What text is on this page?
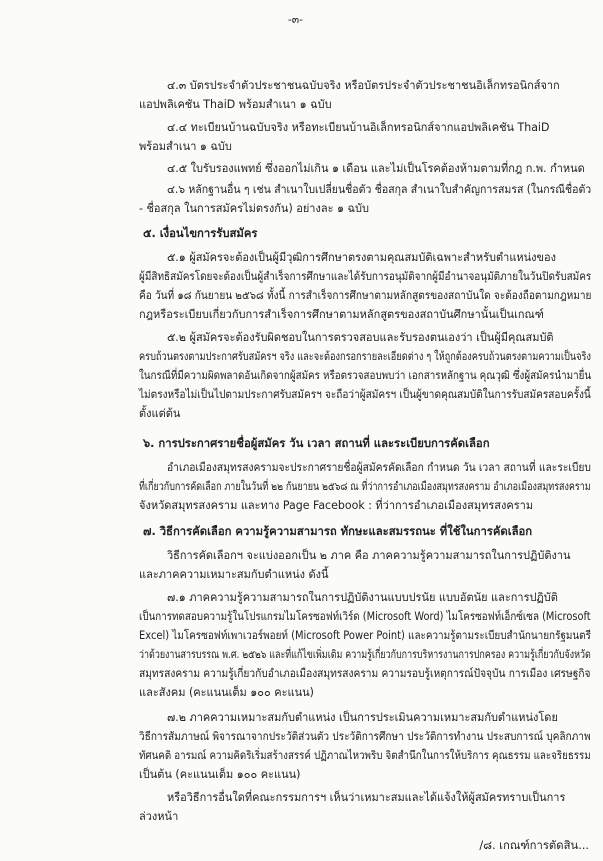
-๓-

๔.๓ บัตรประจำตัวประชาชนฉบับจริง หรือบัตรประจำตัวประชาชนอิเล็กทรอนิกส์จาก

แอปพลิเคชัน ThaiD พร้อมสำเนา ๑ ฉบับ

๔.๔ ทะเบียนบ้านฉบับจริง หรือทะเบียนบ้านอิเล็กทรอนิกส์จากแอปพลิเคชัน ThaiD

พร้อมสำเนา ๑ ฉบับ

๔.๕ ใบรับรองแพทย์ ซึ่งออกไม่เกิน ๑ เดือน และไม่เป็นโรคต้องห้ามตามที่กฎ ก.พ. กำหนด

๔.๖ หลักฐานอื่น ๆ เช่น สำเนาใบเปลี่ยนชื่อตัว ชื่อสกุล สำเนาใบสำคัญการสมรส (ในกรณีชื่อตัว

- ชื่อสกุล ในการสมัครไม่ตรงกัน) อย่างละ ๑ ฉบับ

๕. เงื่อนไขการรับสมัคร

๕.๑ ผู้สมัครจะต้องเป็นผู้มีวุฒิการศึกษาตรงตามคุณสมบัติเฉพาะสำหรับตำแหน่งของ

ผู้มีสิทธิสมัครโดยจะต้องเป็นผู้สำเร็จการศึกษาและได้รับการอนุมัติจากผู้มีอำนาจอนุมัติภายในวันปิดรับสมัคร

คือ วันที่ ๑๘ กันยายน ๒๕๖๘ ทั้งนี้ การสำเร็จการศึกษาตามหลักสูตรของสถาบันใด จะต้องถือตามกฎหมาย

กฎหรือระเบียบเกี่ยวกับการสำเร็จการศึกษาตามหลักสูตรของสถาบันศึกษานั้นเป็นเกณฑ์

๕.๒ ผู้สมัครจะต้องรับผิดชอบในการตรวจสอบและรับรองตนเองว่า เป็นผู้มีคุณสมบัติ

ครบถ้วนตรงตามประกาศรับสมัครฯ จริง และจะต้องกรอกรายละเอียดต่าง ๆ ให้ถูกต้องครบถ้วนตรงตามความเป็นจริง

ในกรณีที่มีความผิดพลาดอันเกิดจากผู้สมัคร หรือตรวจสอบพบว่า เอกสารหลักฐาน คุณวุฒิ ซึ่งผู้สมัครนำมายื่น

ไม่ตรงหรือไม่เป็นไปตามประกาศรับสมัครฯ จะถือว่าผู้สมัครฯ เป็นผู้ขาดคุณสมบัติในการรับสมัครสอบครั้งนี้

ตั้งแต่ต้น

๖. การประกาศรายชื่อผู้สมัคร วัน เวลา สถานที่ และระเบียบการคัดเลือก

อำเภอเมืองสมุทรสงครามจะประกาศรายชื่อผู้สมัครคัดเลือก กำหนด วัน เวลา สถานที่ และระเบียบ

ที่เกี่ยวกับการคัดเลือก ภายในวันที่ ๒๒ กันยายน ๒๕๖๘ ณ ที่ว่าการอำเภอเมืองสมุทรสงคราม อำเภอเมืองสมุทรสงคราม

จังหวัดสมุทรสงคราม และทาง Page Facebook : ที่ว่าการอำเภอเมืองสมุทรสงคราม

๗. วิธีการคัดเลือก ความรู้ความสามารถ ทักษะและสมรรถนะ ที่ใช้ในการคัดเลือก

วิธีการคัดเลือกฯ จะแบ่งออกเป็น ๒ ภาค คือ ภาคความรู้ความสามารถในการปฏิบัติงาน

และภาคความเหมาะสมกับตำแหน่ง ดังนี้

๗.๑ ภาคความรู้ความสามารถในการปฏิบัติงานแบบปรนัย แบบอัตนัย และการปฏิบัติ

เป็นการทดสอบความรู้ในโปรแกรมไมโครซอฟท์เวิร์ด (Microsoft Word) ไมโครซอฟท์เอ็กซ์เซล (Microsoft

Excel) ไมโครซอฟท์เพาเวอร์พอยท์ (Microsoft Power Point) และความรู้ตามระเบียบสำนักนายกรัฐมนตรี

ว่าด้วยงานสารบรรณ พ.ศ. ๒๕๒๖ และที่แก้ไขเพิ่มเติม ความรู้เกี่ยวกับการบริหารงานการปกครอง ความรู้เกี่ยวกับจังหวัด

สมุทรสงคราม ความรู้เกี่ยวกับอำเภอเมืองสมุทรสงคราม ความรอบรู้เหตุการณ์ปัจจุบัน การเมือง เศรษฐกิจ

และสังคม (คะแนนเต็ม ๑๐๐ คะแนน)

๗.๒ ภาคความเหมาะสมกับตำแหน่ง เป็นการประเมินความเหมาะสมกับตำแหน่งโดย

วิธีการสัมภาษณ์ พิจารณาจากประวัติส่วนตัว ประวัติการศึกษา ประวัติการทำงาน ประสบการณ์ บุคลิกภาพ

ทัศนคติ อารมณ์ ความคิดริเริ่มสร้างสรรค์ ปฏิภาณไหวพริบ จิตสำนึกในการให้บริการ คุณธรรม และจริยธรรม

เป็นต้น (คะแนนเต็ม ๑๐๐ คะแนน)

หรือวิธีการอื่นใดที่คณะกรรมการฯ เห็นว่าเหมาะสมและได้แจ้งให้ผู้สมัครทราบเป็นการ

ล่วงหน้า

/๘. เกณฑ์การตัดสิน...
